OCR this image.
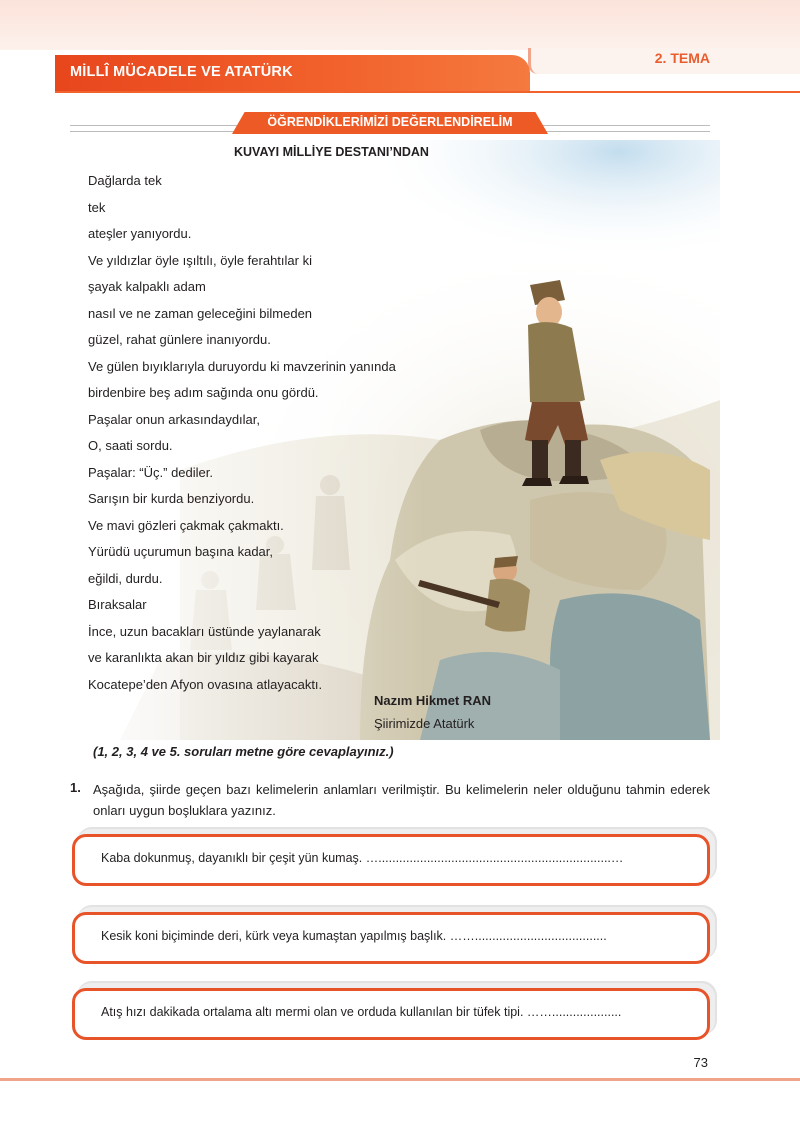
2. TEMA
MİLLÎ MÜCADELE VE ATATÜRK
ÖĞRENDİKLERİMİZİ DEĞERLENDİRELİM
KUVAYI MİLLİYE DESTANI’NDAN
Dağlarda tek
tek
ateşler yanıyordu.
Ve yıldızlar öyle ışıltılı, öyle ferahtılar ki
şayak kalpaklı adam
nasıl ve ne zaman geleceğini bilmeden
güzel, rahat günlere inanıyordu.
Ve gülen bıyıklarıyla duruyordu ki mavzerinin yanında
birdenbire beş adım sağında onu gördü.
Paşalar onun arkasındaydılar,
O, saati sordu.
Paşalar: “Üç.” dediler.
Sarışın bir kurda benziyordu.
Ve mavi gözleri çakmak çakmaktı.
Yürüdü uçurumun başına kadar,
eğildi, durdu.
Bıraksalar
İnce, uzun bacakları üstünde yaylanarak
ve karanlıkta akan bir yıldız gibi kayarak
Kocatepe’den Afyon ovasına atlayacaktı.
Nazım Hikmet RAN
Şiirimizde Atatürk
(1, 2, 3, 4 ve 5. soruları metne göre cevaplayınız.)
1. Aşağıda, şiirde geçen bazı kelimelerin anlamları verilmiştir. Bu kelimelerin neler olduğunu tahmin ederek onları uygun boşluklara yazınız.
Kaba dokunmuş, dayanıklı bir çeşit yün kumaş. …...................................................................…
Kesik koni biçiminde deri, kürk veya kumaştan yapılmış başlık. ……......................................
Atış hızı dakikada ortalama altı mermi olan ve orduda kullanılan bir tüfek tipi. ……....................
73
